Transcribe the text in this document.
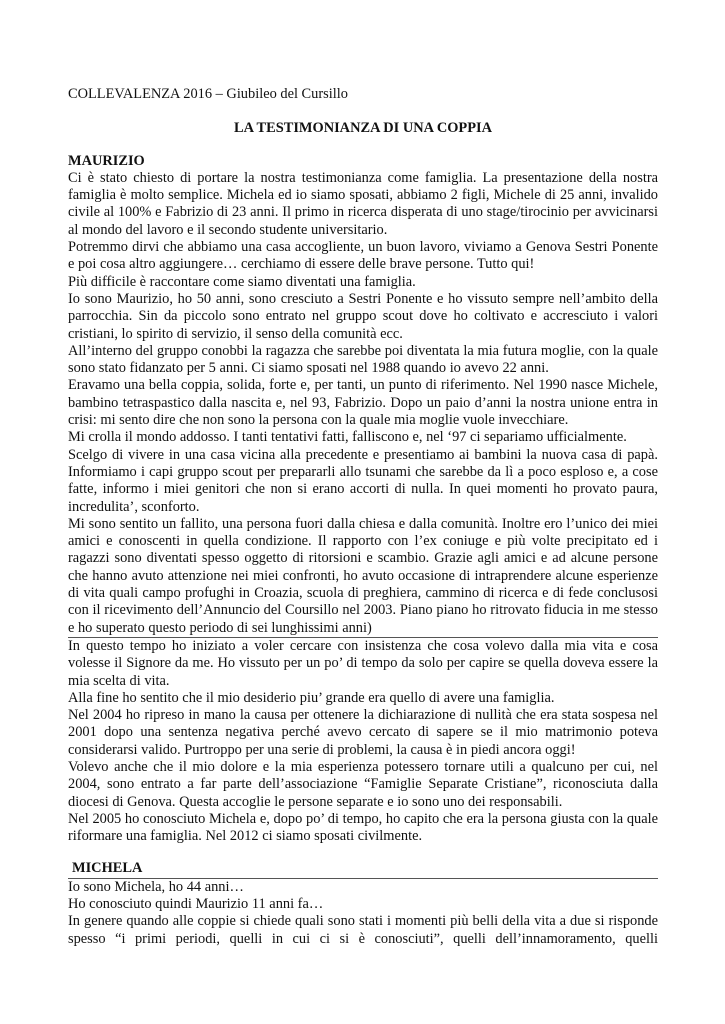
COLLEVALENZA 2016 – Giubileo del Cursillo

LA TESTIMONIANZA DI UNA COPPIA

MAURIZIO

Ci è stato chiesto di portare la nostra testimonianza come famiglia. La presentazione della nostra famiglia è molto semplice. Michela ed io siamo sposati, abbiamo 2 figli, Michele di 25 anni, invalido civile al 100% e Fabrizio di 23 anni. Il primo in ricerca disperata di uno stage/tirocinio per avvicinarsi al mondo del lavoro e il secondo studente universitario.

Potremmo dirvi che abbiamo una casa accogliente, un buon lavoro, viviamo a Genova Sestri Ponente e poi cosa altro aggiungere… cerchiamo di essere delle brave persone. Tutto qui!

Più difficile è raccontare come siamo diventati una famiglia.

Io sono Maurizio, ho 50 anni, sono cresciuto a Sestri Ponente e ho vissuto sempre nell’ambito della parrocchia. Sin da piccolo sono entrato nel gruppo scout dove ho coltivato e accresciuto i valori cristiani, lo spirito di servizio, il senso della comunità ecc.

All’interno del gruppo conobbi la ragazza che sarebbe poi diventata la mia futura moglie, con la quale sono stato fidanzato per 5 anni. Ci siamo sposati nel 1988 quando io avevo 22 anni.

Eravamo una bella coppia, solida, forte e, per tanti, un punto di riferimento. Nel 1990 nasce Michele, bambino tetraspastico dalla nascita e, nel 93, Fabrizio. Dopo un paio d’anni la nostra unione entra in crisi: mi sento dire che non sono la persona con la quale mia moglie vuole invecchiare.

Mi crolla il mondo addosso. I tanti tentativi fatti, falliscono e, nel ‘97 ci separiamo ufficialmente.

Scelgo di vivere in una casa vicina alla precedente e presentiamo ai bambini la nuova casa di papà. Informiamo i capi gruppo scout per prepararli allo tsunami che sarebbe da lì a poco esploso e, a cose fatte, informo i miei genitori che non si erano accorti di nulla. In quei momenti ho provato paura, incredulita’, sconforto.

Mi sono sentito un fallito, una persona fuori dalla chiesa e dalla comunità. Inoltre ero l’unico dei miei amici e conoscenti in quella condizione. Il rapporto con l’ex coniuge e più volte precipitato ed i ragazzi sono diventati spesso oggetto di ritorsioni e scambio. Grazie agli amici e ad alcune persone che hanno avuto attenzione nei miei confronti, ho avuto occasione di intraprendere alcune esperienze di vita quali campo profughi in Croazia, scuola di preghiera, cammino di ricerca e di fede conclusosi con il ricevimento dell’Annuncio del Coursillo nel 2003. Piano piano ho ritrovato fiducia in me stesso e ho superato questo periodo di sei lunghissimi anni)

In questo tempo ho iniziato a voler cercare con insistenza che cosa volevo dalla mia vita e cosa volesse il Signore da me. Ho vissuto per un po’ di tempo da solo per capire se quella doveva essere la mia scelta di vita.

Alla fine ho sentito che il mio desiderio piu’ grande era quello di avere una famiglia.

Nel 2004 ho ripreso in mano la causa per ottenere la dichiarazione di nullità che era stata sospesa nel 2001 dopo una sentenza negativa perché avevo cercato di sapere se il mio matrimonio poteva considerarsi valido. Purtroppo per una serie di problemi, la causa è in piedi ancora oggi!

Volevo anche che il mio dolore e la mia esperienza potessero tornare utili a qualcuno per cui, nel 2004, sono entrato a far parte dell’associazione “Famiglie Separate Cristiane”, riconosciuta dalla diocesi di Genova. Questa accoglie le persone separate e io sono uno dei responsabili.

Nel 2005 ho conosciuto Michela e, dopo po’ di tempo, ho capito che era la persona giusta con la quale riformare una famiglia. Nel 2012 ci siamo sposati civilmente.

MICHELA

Io sono Michela, ho 44 anni…

Ho conosciuto quindi Maurizio 11 anni fa…

In genere quando alle coppie si chiede quali sono stati i momenti più belli della vita a due si risponde spesso “i primi periodi, quelli in cui ci si è conosciuti”, quelli dell’innamoramento, quelli
